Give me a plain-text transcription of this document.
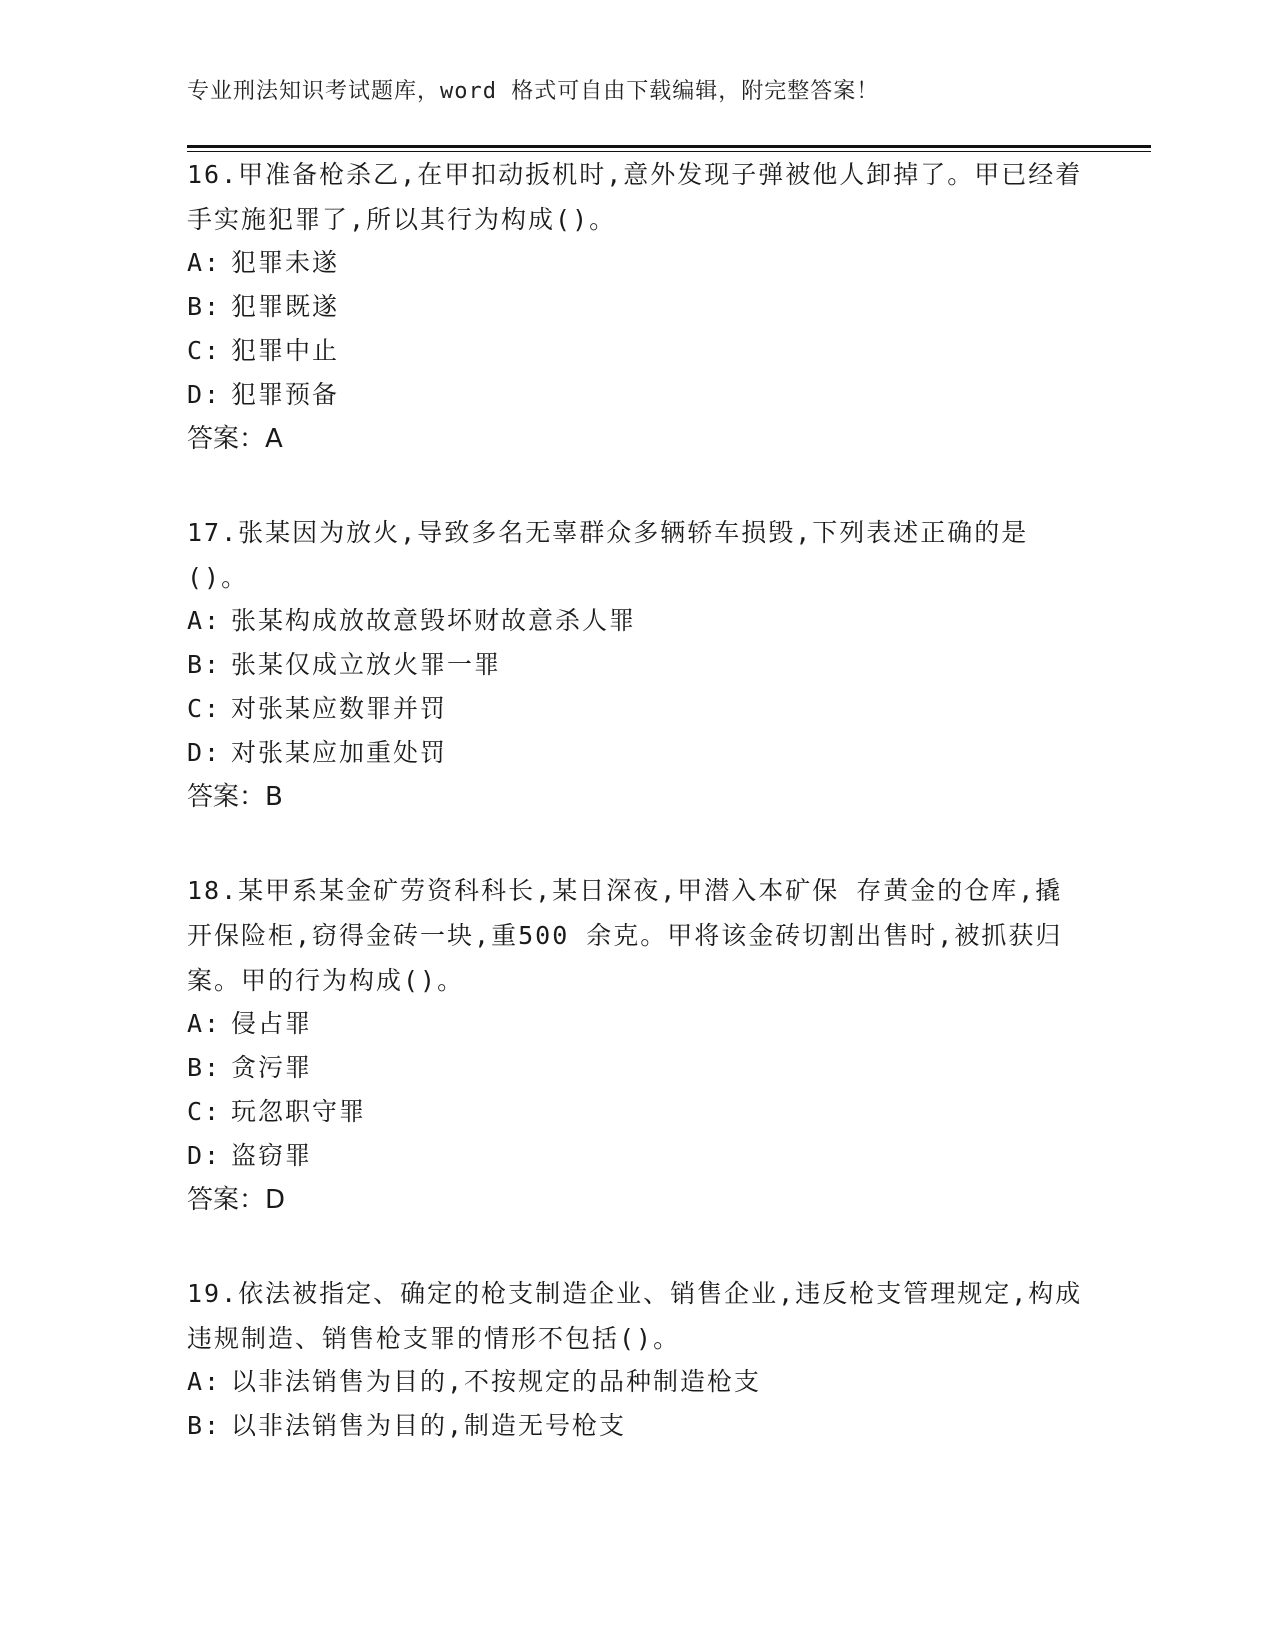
专业刑法知识考试题库，word 格式可自由下载编辑，附完整答案！
16.甲准备枪杀乙,在甲扣动扳机时,意外发现子弹被他人卸掉了。甲已经着手实施犯罪了,所以其行为构成()。
A: 犯罪未遂
B: 犯罪既遂
C: 犯罪中止
D: 犯罪预备
答案：A
17.张某因为放火,导致多名无辜群众多辆轿车损毁,下列表述正确的是()。
A: 张某构成放故意毁坏财故意杀人罪
B: 张某仅成立放火罪一罪
C: 对张某应数罪并罚
D: 对张某应加重处罚
答案：B
18.某甲系某金矿劳资科科长,某日深夜,甲潜入本矿保 存黄金的仓库,撬开保险柜,窃得金砖一块,重500 余克。甲将该金砖切割出售时,被抓获归案。甲的行为构成()。
A: 侵占罪
B: 贪污罪
C: 玩忽职守罪
D: 盗窃罪
答案：D
19.依法被指定、确定的枪支制造企业、销售企业,违反枪支管理规定,构成违规制造、销售枪支罪的情形不包括()。
A: 以非法销售为目的,不按规定的品种制造枪支
B: 以非法销售为目的,制造无号枪支
